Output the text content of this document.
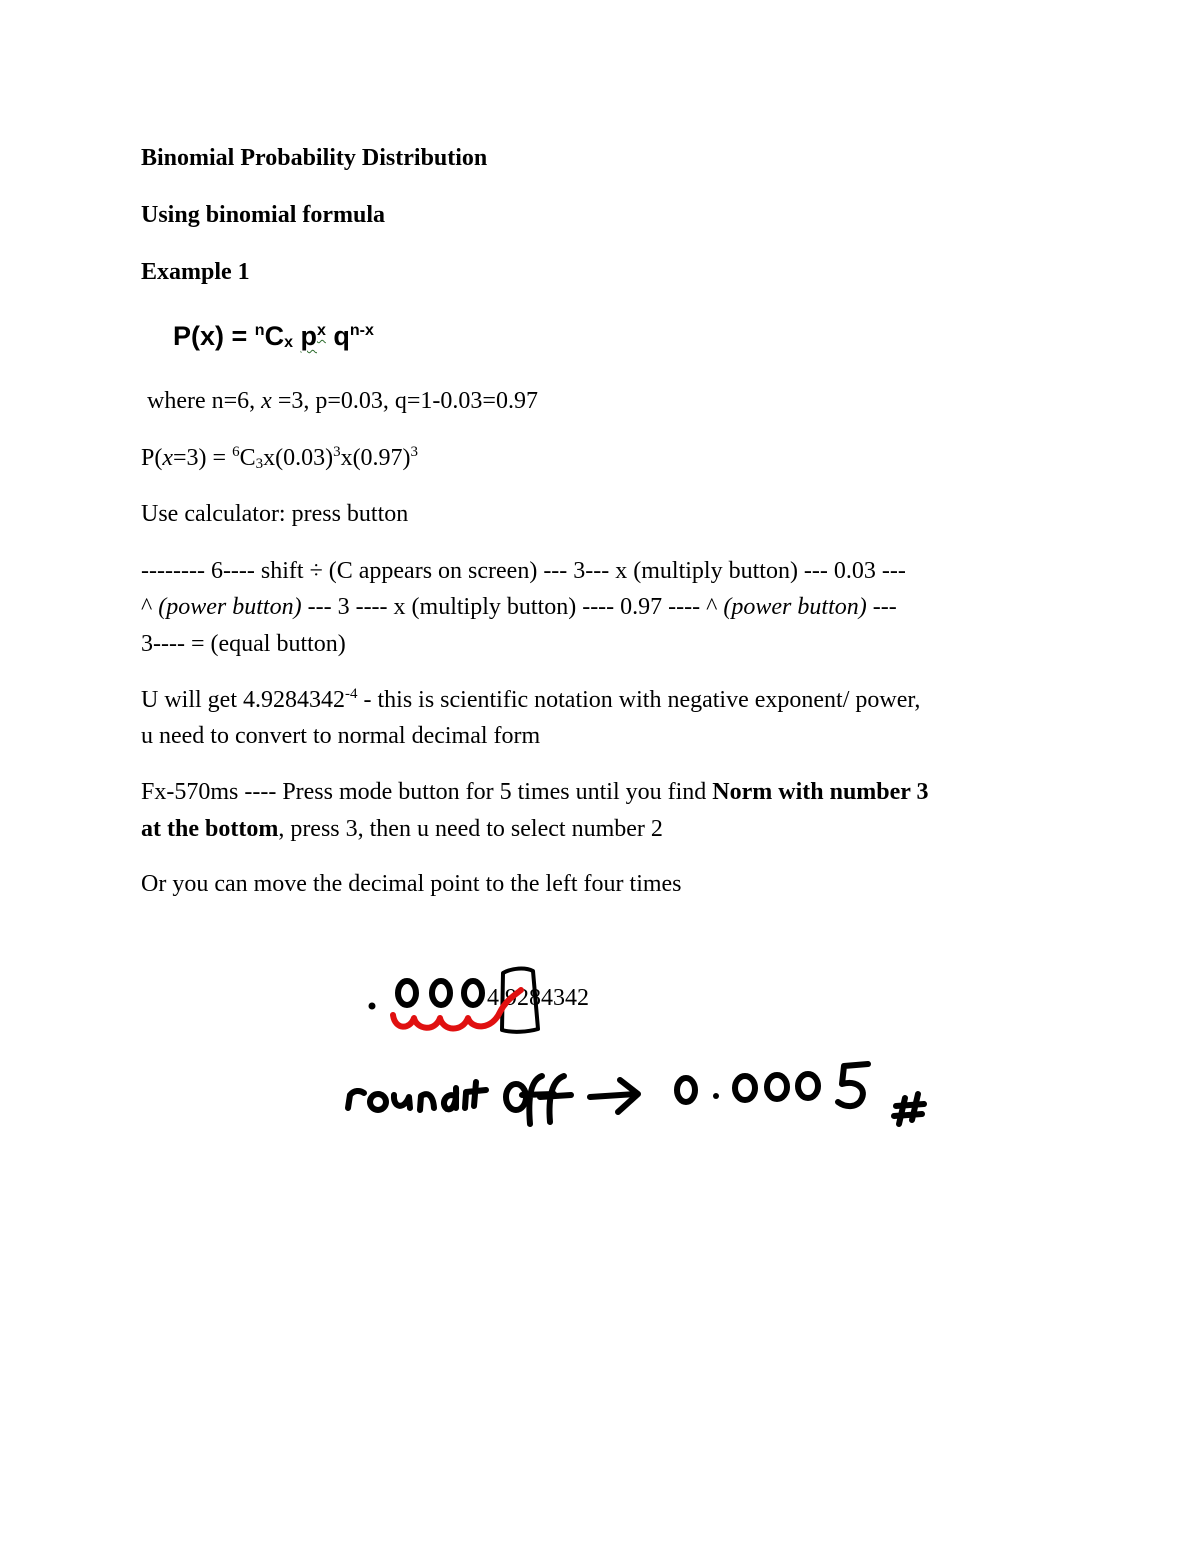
Binomial Probability Distribution
Using binomial formula
Example 1
$P(x) = ^nC_x$ $p^x$ $q^{n-x}$
where n=6, x =3, p=0.03, q=1-0.03=0.97
$P(x=3) = ^6C_3x(0.03)^3x(0.97)^3$
Use calculator: press button
-------- 6---- shift ÷ (C appears on screen) --- 3--- x (multiply button) --- 0.03 ---
^ (power button) --- 3 ---- x (multiply button) ---- 0.97 ---- ^ (power button) ---
3---- = (equal button)
U will get $4.9284342^{-4}$ - this is scientific notation with negative exponent/ power,
u need to convert to normal decimal form
Fx-570ms ---- Press mode button for 5 times until you find Norm with number 3
at the bottom, press 3, then u need to select number 2
Or you can move the decimal point to the left four times
4.9284342
